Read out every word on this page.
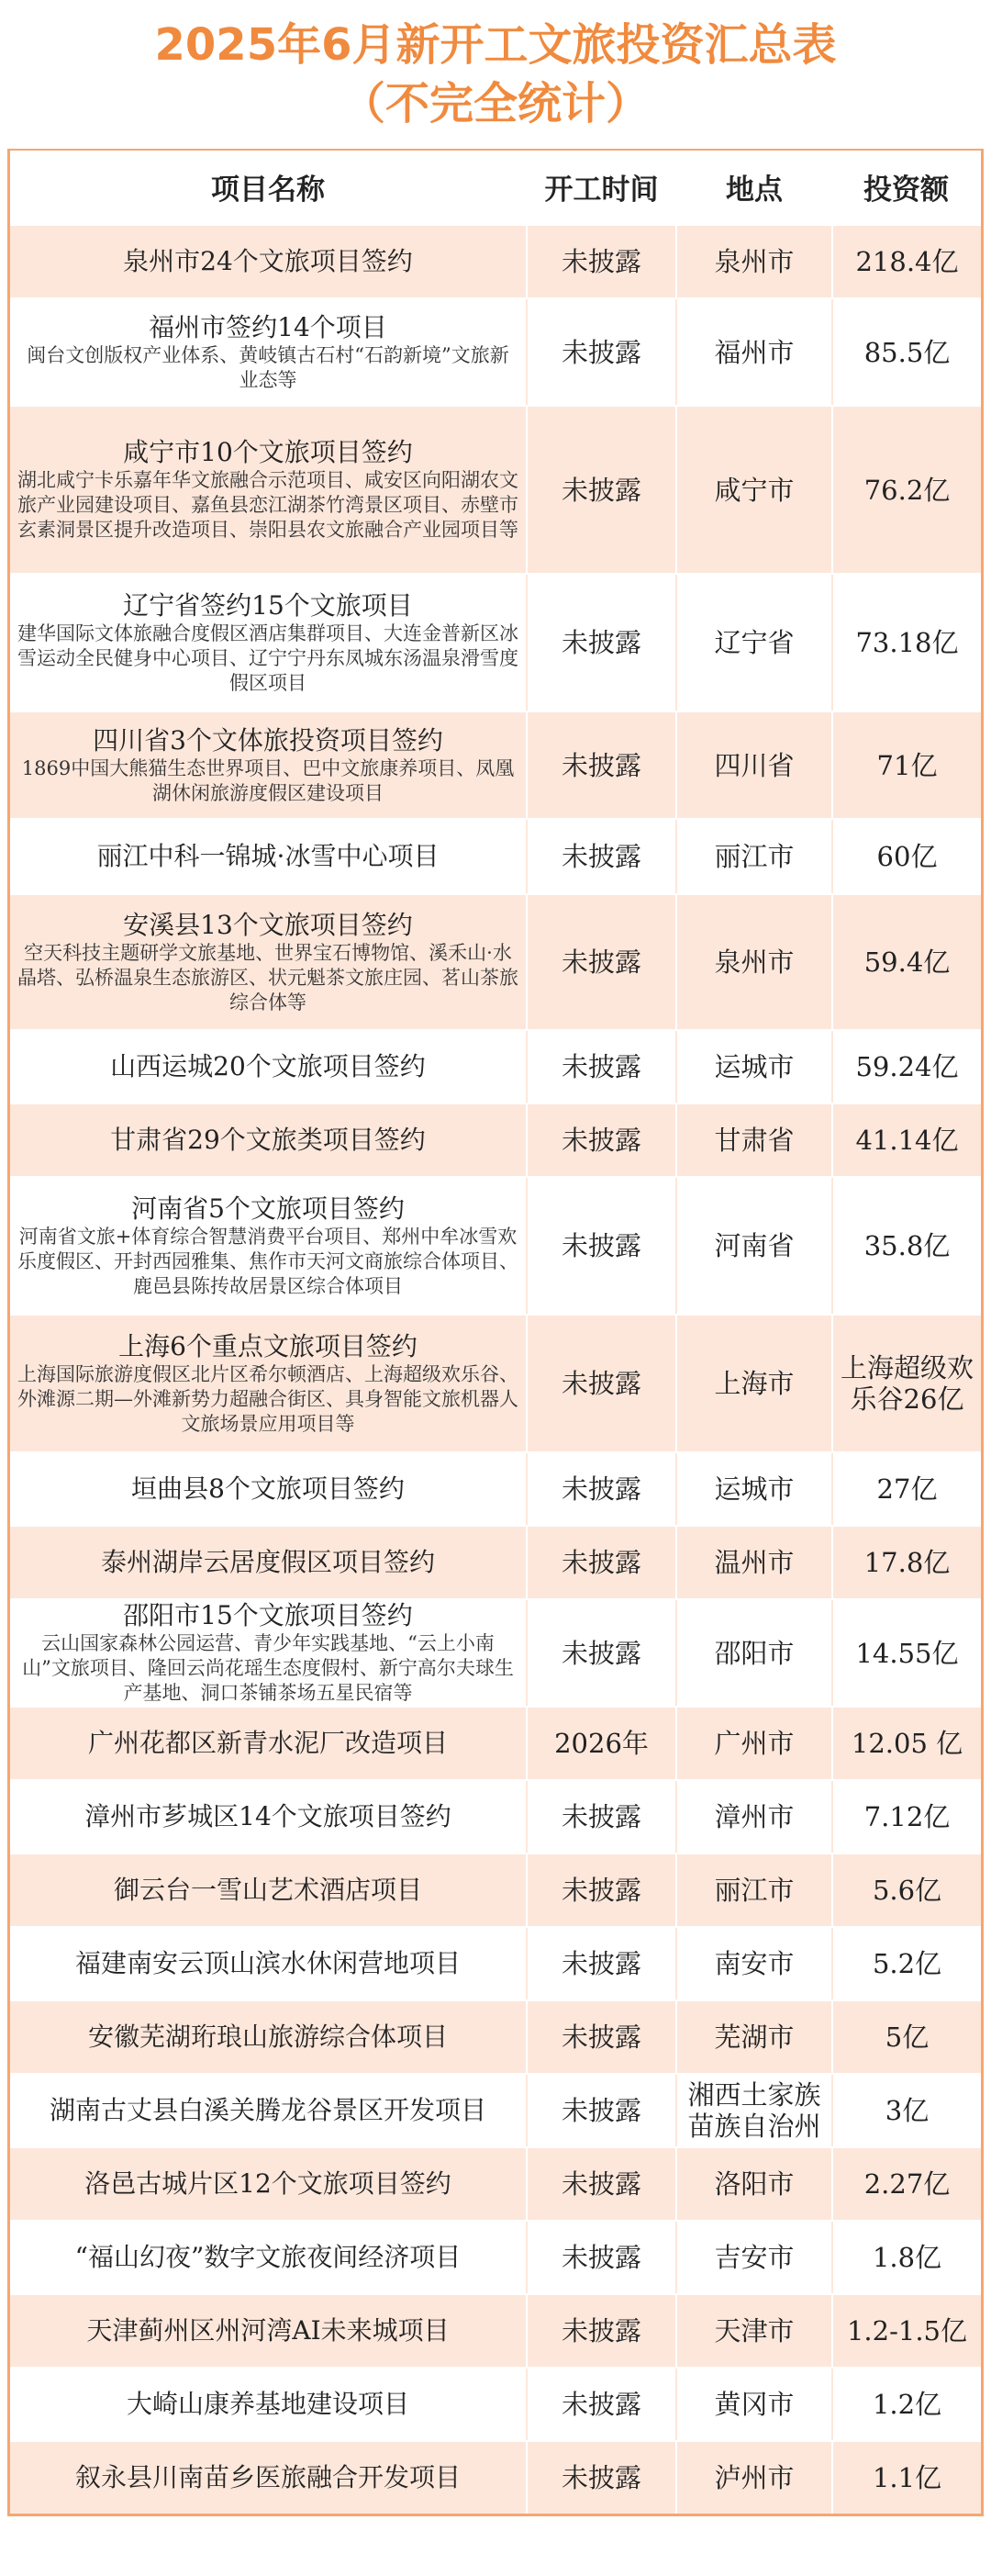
2025年6月新开工文旅投资汇总表
（不完全统计）
项目名称	开工时间	地点	投资额
泉州市24个文旅项目签约	未披露	泉州市	218.4亿
福州市签约14个项目
闽台文创版权产业体系、黄岐镇古石村“石韵新境”文旅新业态等
未披露	福州市	85.5亿
咸宁市10个文旅项目签约
湖北咸宁卡乐嘉年华文旅融合示范项目、咸安区向阳湖农文旅产业园建设项目、嘉鱼县恋江湖茶竹湾景区项目、赤壁市玄素洞景区提升改造项目、崇阳县农文旅融合产业园项目等
未披露	咸宁市	76.2亿
辽宁省签约15个文旅项目
建华国际文体旅融合度假区酒店集群项目、大连金普新区冰雪运动全民健身中心项目、辽宁宁丹东凤城东汤温泉滑雪度假区项目
未披露	辽宁省	73.18亿
四川省3个文体旅投资项目签约
1869中国大熊猫生态世界项目、巴中文旅康养项目、凤凰湖休闲旅游度假区建设项目
未披露	四川省	71亿
丽江中科一锦城·冰雪中心项目	未披露	丽江市	60亿
安溪县13个文旅项目签约
空天科技主题研学文旅基地、世界宝石博物馆、溪禾山·水晶塔、弘桥温泉生态旅游区、状元魁茶文旅庄园、茗山茶旅综合体等
未披露	泉州市	59.4亿
山西运城20个文旅项目签约	未披露	运城市	59.24亿
甘肃省29个文旅类项目签约	未披露	甘肃省	41.14亿
河南省5个文旅项目签约
河南省文旅+体育综合智慧消费平台项目、郑州中牟冰雪欢乐度假区、开封西园雅集、焦作市天河文商旅综合体项目、鹿邑县陈抟故居景区综合体项目
未披露	河南省	35.8亿
上海6个重点文旅项目签约
上海国际旅游度假区北片区希尔顿酒店、上海超级欢乐谷、外滩源二期—外滩新势力超融合街区、具身智能文旅机器人文旅场景应用项目等
未披露	上海市	上海超级欢乐谷26亿
垣曲县8个文旅项目签约	未披露	运城市	27亿
泰州湖岸云居度假区项目签约	未披露	温州市	17.8亿
邵阳市15个文旅项目签约
云山国家森林公园运营、青少年实践基地、“云上小南山”文旅项目、隆回云尚花瑶生态度假村、新宁高尔夫球生产基地、洞口茶铺茶场五星民宿等
未披露	邵阳市	14.55亿
广州花都区新青水泥厂改造项目	2026年	广州市	12.05 亿
漳州市芗城区14个文旅项目签约	未披露	漳州市	7.12亿
御云台一雪山艺术酒店项目	未披露	丽江市	5.6亿
福建南安云顶山滨水休闲营地项目	未披露	南安市	5.2亿
安徽芜湖珩琅山旅游综合体项目	未披露	芜湖市	5亿
湖南古丈县白溪关腾龙谷景区开发项目	未披露	湘西土家族苗族自治州	3亿
洛邑古城片区12个文旅项目签约	未披露	洛阳市	2.27亿
“福山幻夜”数字文旅夜间经济项目	未披露	吉安市	1.8亿
天津蓟州区州河湾AI未来城项目	未披露	天津市	1.2-1.5亿
大崎山康养基地建设项目	未披露	黄冈市	1.2亿
叙永县川南苗乡医旅融合开发项目	未披露	泸州市	1.1亿
